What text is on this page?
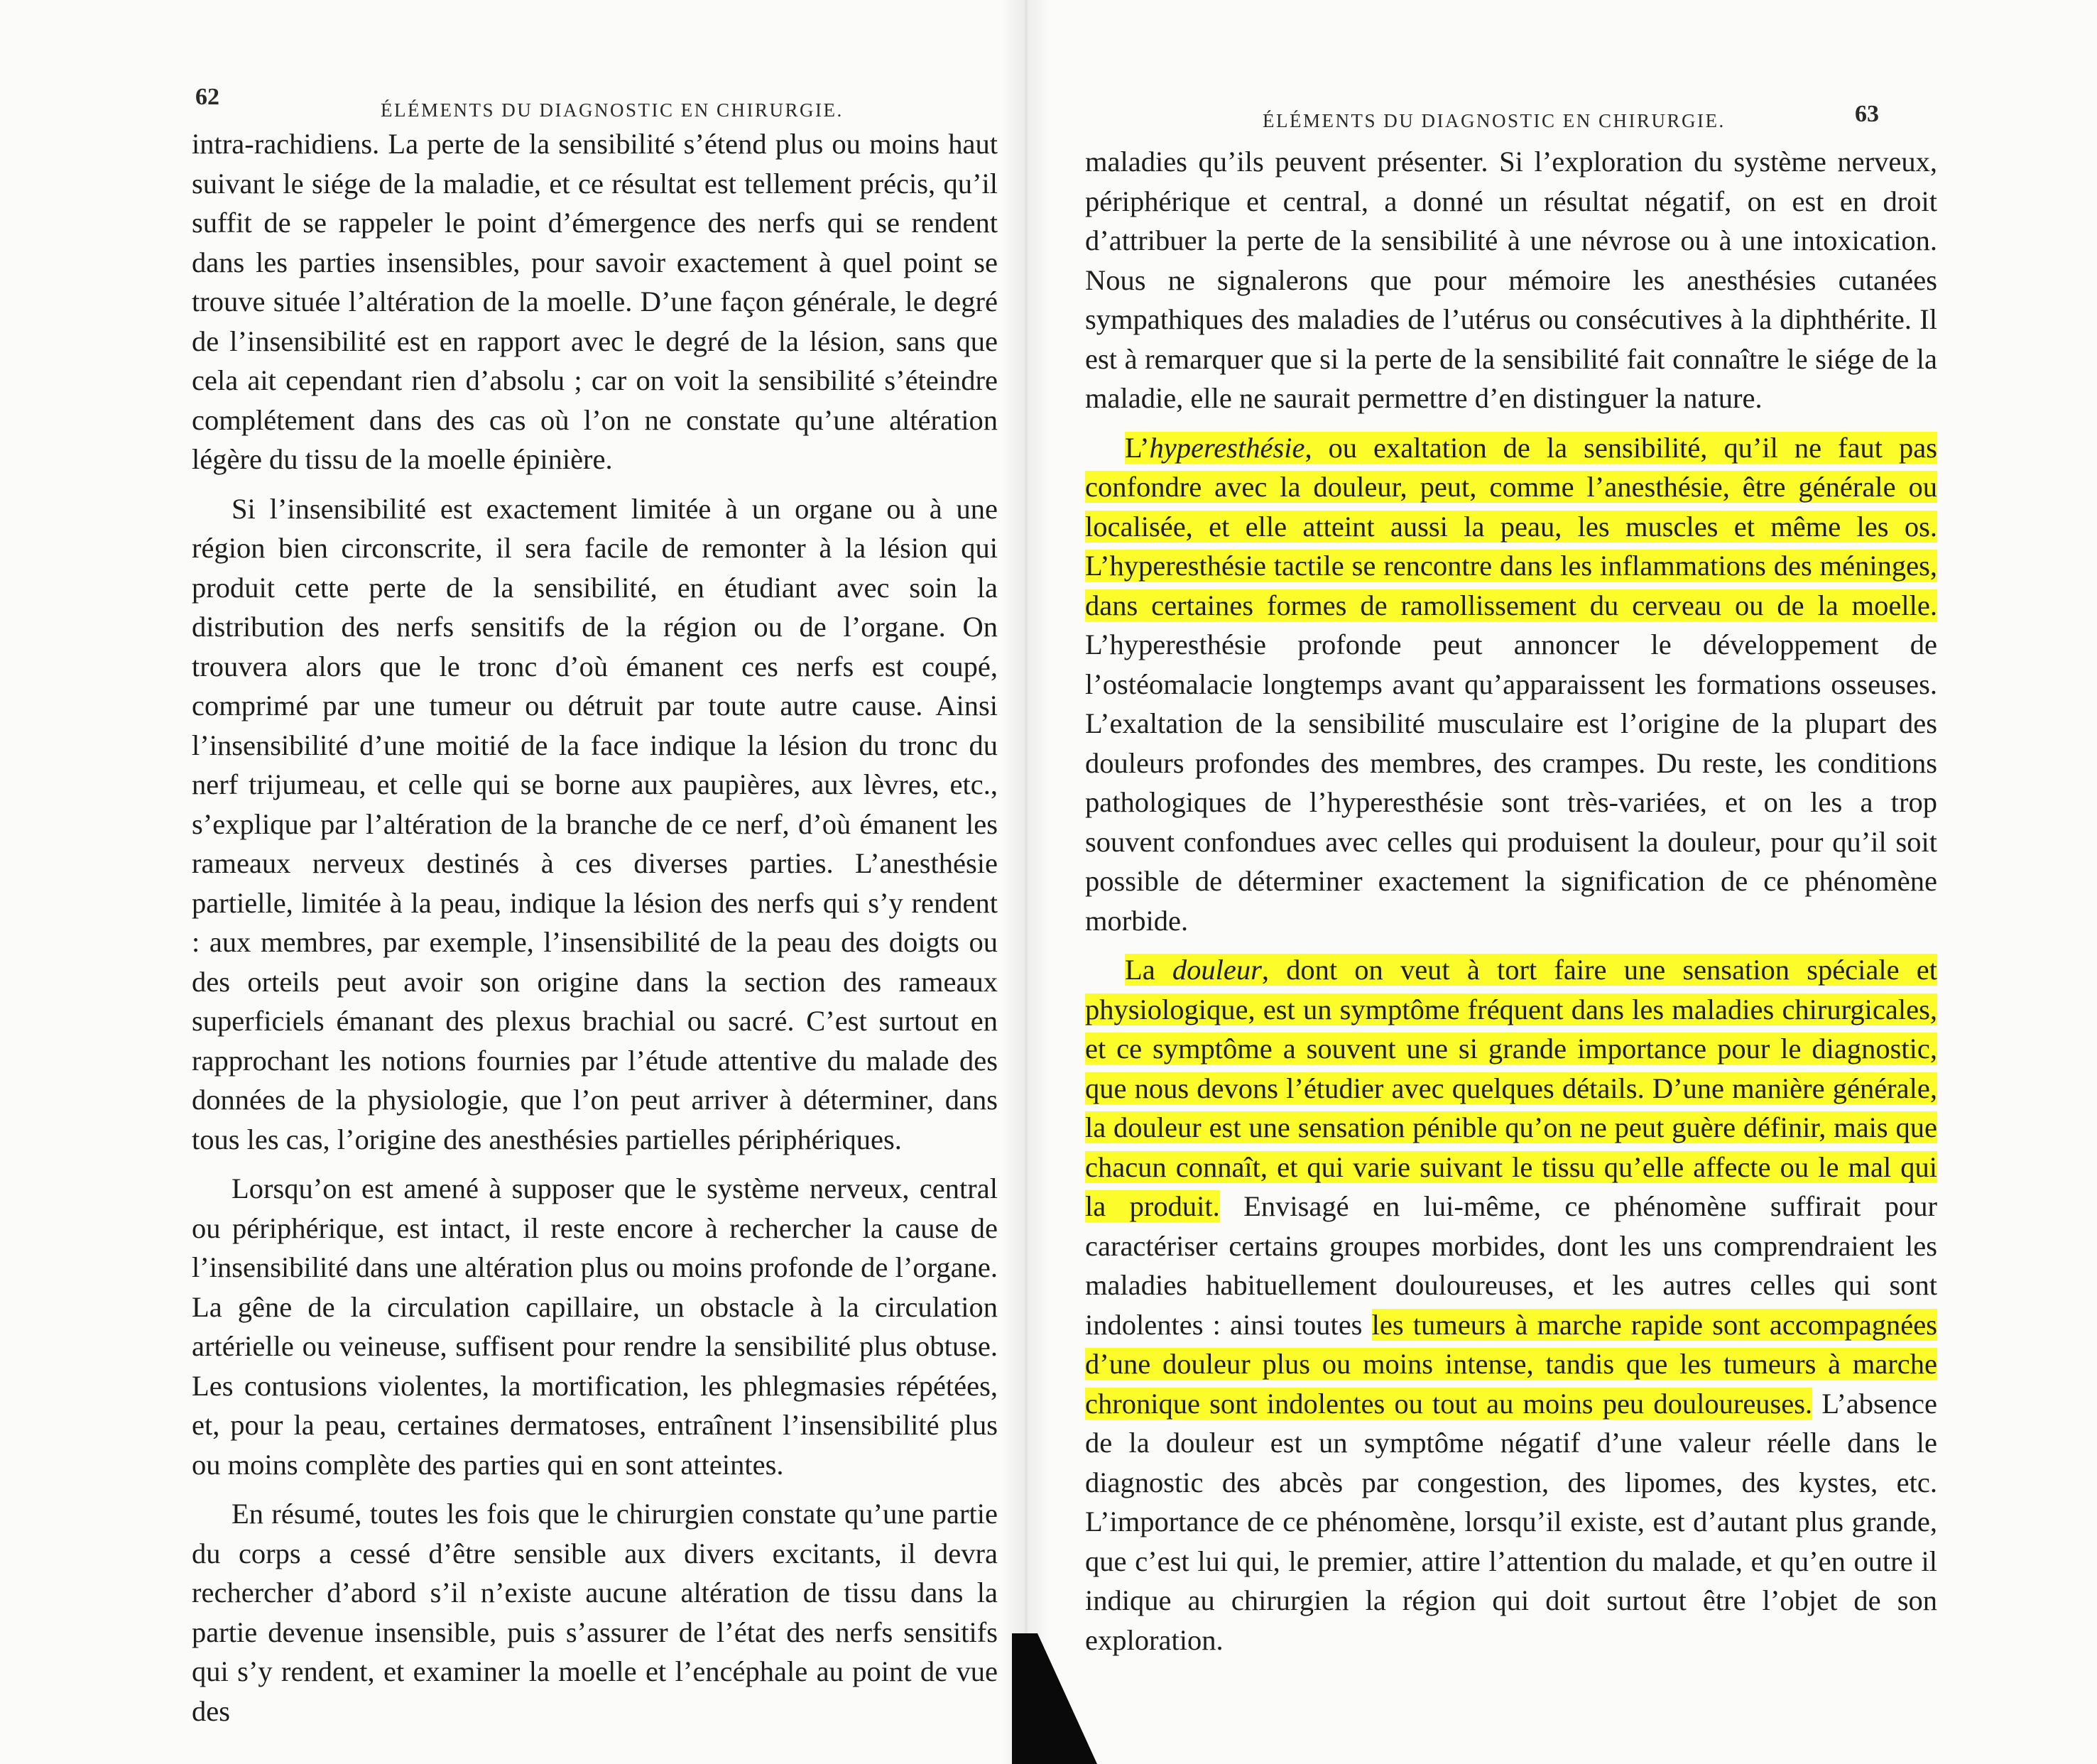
62	ÉLÉMENTS DU DIAGNOSTIC EN CHIRURGIE.

intra-rachidiens. La perte de la sensibilité s’étend plus ou moins haut suivant le siége de la maladie, et ce résultat est tellement précis, qu’il suffit de se rappeler le point d’émergence des nerfs qui se rendent dans les parties insensibles, pour savoir exactement à quel point se trouve située l’altération de la moelle. D’une façon générale, le degré de l’insensibilité est en rapport avec le degré de la lésion, sans que cela ait cependant rien d’absolu ; car on voit la sensibilité s’éteindre complétement dans des cas où l’on ne constate qu’une altération légère du tissu de la moelle épinière.

Si l’insensibilité est exactement limitée à un organe ou à une région bien circonscrite, il sera facile de remonter à la lésion qui produit cette perte de la sensibilité, en étudiant avec soin la distribution des nerfs sensitifs de la région ou de l’organe. On trouvera alors que le tronc d’où émanent ces nerfs est coupé, comprimé par une tumeur ou détruit par toute autre cause. Ainsi l’insensibilité d’une moitié de la face indique la lésion du tronc du nerf trijumeau, et celle qui se borne aux paupières, aux lèvres, etc., s’explique par l’altération de la branche de ce nerf, d’où émanent les rameaux nerveux destinés à ces diverses parties. L’anesthésie partielle, limitée à la peau, indique la lésion des nerfs qui s’y rendent : aux membres, par exemple, l’insensibilité de la peau des doigts ou des orteils peut avoir son origine dans la section des rameaux superficiels émanant des plexus brachial ou sacré. C’est surtout en rapprochant les notions fournies par l’étude attentive du malade des données de la physiologie, que l’on peut arriver à déterminer, dans tous les cas, l’origine des anesthésies partielles périphériques.

Lorsqu’on est amené à supposer que le système nerveux, central ou périphérique, est intact, il reste encore à rechercher la cause de l’insensibilité dans une altération plus ou moins profonde de l’organe. La gêne de la circulation capillaire, un obstacle à la circulation artérielle ou veineuse, suffisent pour rendre la sensibilité plus obtuse. Les contusions violentes, la mortification, les phlegmasies répétées, et, pour la peau, certaines dermatoses, entraînent l’insensibilité plus ou moins complète des parties qui en sont atteintes.

En résumé, toutes les fois que le chirurgien constate qu’une partie du corps a cessé d’être sensible aux divers excitants, il devra rechercher d’abord s’il n’existe aucune altération de tissu dans la partie devenue insensible, puis s’assurer de l’état des nerfs sensitifs qui s’y rendent, et examiner la moelle et l’encéphale au point de vue des

ÉLÉMENTS DU DIAGNOSTIC EN CHIRURGIE.	63

maladies qu’ils peuvent présenter. Si l’exploration du système nerveux, périphérique et central, a donné un résultat négatif, on est en droit d’attribuer la perte de la sensibilité à une névrose ou à une intoxication. Nous ne signalerons que pour mémoire les anesthésies cutanées sympathiques des maladies de l’utérus ou consécutives à la diphthérite. Il est à remarquer que si la perte de la sensibilité fait connaître le siége de la maladie, elle ne saurait permettre d’en distinguer la nature.

L’hyperesthésie, ou exaltation de la sensibilité, qu’il ne faut pas confondre avec la douleur, peut, comme l’anesthésie, être générale ou localisée, et elle atteint aussi la peau, les muscles et même les os. L’hyperesthésie tactile se rencontre dans les inflammations des méninges, dans certaines formes de ramollissement du cerveau ou de la moelle. L’hyperesthésie profonde peut annoncer le développement de l’ostéomalacie longtemps avant qu’apparaissent les formations osseuses. L’exaltation de la sensibilité musculaire est l’origine de la plupart des douleurs profondes des membres, des crampes. Du reste, les conditions pathologiques de l’hyperesthésie sont très-variées, et on les a trop souvent confondues avec celles qui produisent la douleur, pour qu’il soit possible de déterminer exactement la signification de ce phénomène morbide.

La douleur, dont on veut à tort faire une sensation spéciale et physiologique, est un symptôme fréquent dans les maladies chirurgicales, et ce symptôme a souvent une si grande importance pour le diagnostic, que nous devons l’étudier avec quelques détails. D’une manière générale, la douleur est une sensation pénible qu’on ne peut guère définir, mais que chacun connaît, et qui varie suivant le tissu qu’elle affecte ou le mal qui la produit. Envisagé en lui-même, ce phénomène suffirait pour caractériser certains groupes morbides, dont les uns comprendraient les maladies habituellement douloureuses, et les autres celles qui sont indolentes : ainsi toutes les tumeurs à marche rapide sont accompagnées d’une douleur plus ou moins intense, tandis que les tumeurs à marche chronique sont indolentes ou tout au moins peu douloureuses. L’absence de la douleur est un symptôme négatif d’une valeur réelle dans le diagnostic des abcès par congestion, des lipomes, des kystes, etc. L’importance de ce phénomène, lorsqu’il existe, est d’autant plus grande, que c’est lui qui, le premier, attire l’attention du malade, et qu’en outre il indique au chirurgien la région qui doit surtout être l’objet de son exploration.
